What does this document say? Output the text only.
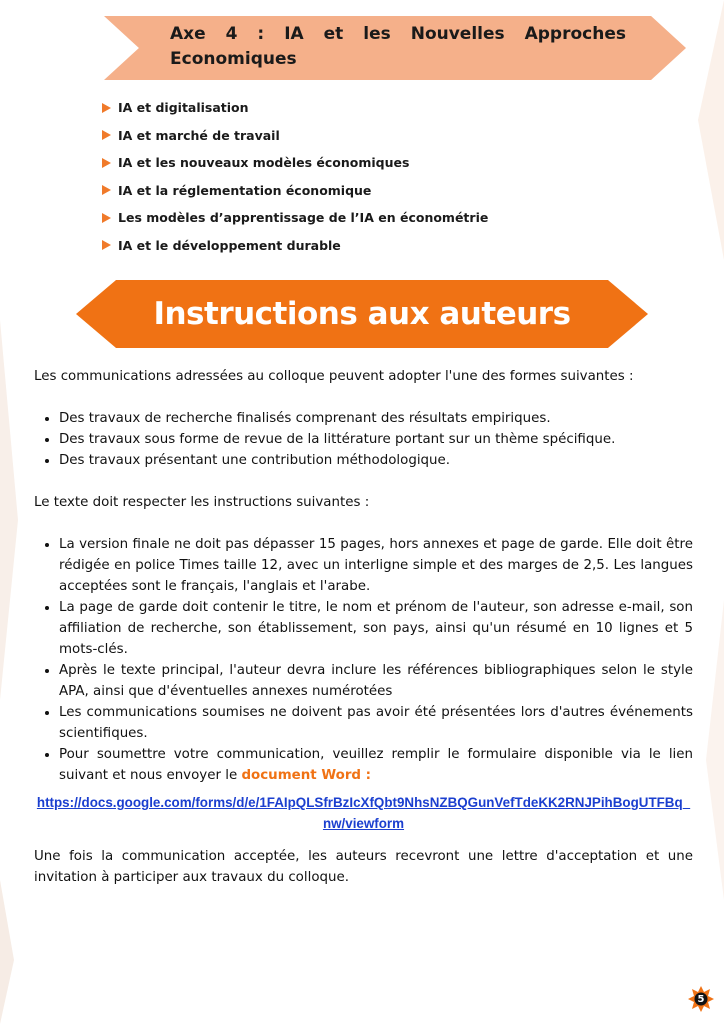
Axe 4 : IA et les Nouvelles Approches Economiques
IA et digitalisation
IA et marché de travail
IA et les nouveaux modèles économiques
IA et la réglementation économique
Les modèles d’apprentissage de l’IA en économétrie
IA et le développement durable
Instructions aux auteurs

Les communications adressées au colloque peuvent adopter l'une des formes suivantes :

• Des travaux de recherche finalisés comprenant des résultats empiriques.
• Des travaux sous forme de revue de la littérature portant sur un thème spécifique.
• Des travaux présentant une contribution méthodologique.

Le texte doit respecter les instructions suivantes :

• La version finale ne doit pas dépasser 15 pages, hors annexes et page de garde. Elle doit être rédigée en police Times taille 12, avec un interligne simple et des marges de 2,5. Les langues acceptées sont le français, l'anglais et l'arabe.
• La page de garde doit contenir le titre, le nom et prénom de l'auteur, son adresse e-mail, son affiliation de recherche, son établissement, son pays, ainsi qu'un résumé en 10 lignes et 5 mots-clés.
• Après le texte principal, l'auteur devra inclure les références bibliographiques selon le style APA, ainsi que d'éventuelles annexes numérotées
• Les communications soumises ne doivent pas avoir été présentées lors d'autres événements scientifiques.
• Pour soumettre votre communication, veuillez remplir le formulaire disponible via le lien suivant et nous envoyer le document Word :
https://docs.google.com/forms/d/e/1FAIpQLSfrBzIcXfQbt9NhsNZBQGunVefTdeKK2RNJPihBogUTFBq_nw/viewform

Une fois la communication acceptée, les auteurs recevront une lettre d'acceptation et une invitation à participer aux travaux du colloque.

5
